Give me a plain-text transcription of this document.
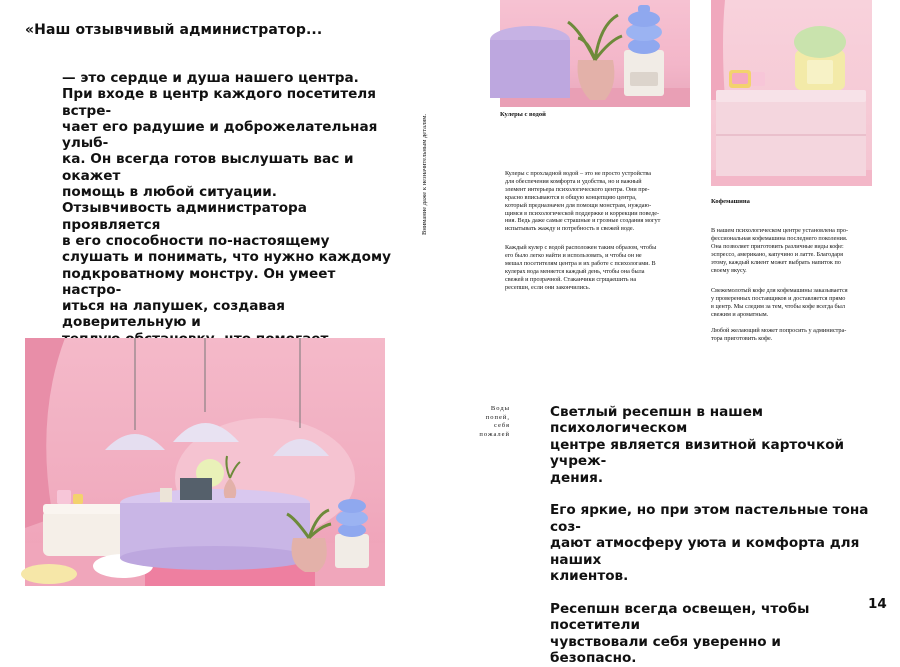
«Наш отзывчивый администратор...
— это сердце и душа нашего центра.
При входе в центр каждого посетителя встре-
чает его радушие и доброжелательная улыб-
ка. Он всегда готов выслушать вас и окажет
помощь в любой ситуации.
Отзывчивость администратора проявляется
в его способности по-настоящему
слушать и понимать, что нужно каждому
подкроватному монстру. Он умеет настро-
иться на лапушек, создавая доверительную и

Внимание даже к незначительным деталям.	Кулеры с водой
Кофемашина
Кулеры с прохладной водой – это не просто устройства
для обеспечения комфорта и удобства, но и важный
элемент интерьера психологического центра. Они пре-
красно вписываются в общую концепцию центра,
который предназначен для помощи монстрам, нуждаю-
щимся в психологической поддержке и коррекции поведе-
ния. Ведь даже самые страшные и грозные создания могут
испытывать жажду и потребность в свежей воде.
Каждый кулер с водой расположен таким образом, чтобы
его было легко найти и использовать, и чтобы он не
мешал посетителям центра и их работе с психологами. В
кулерах вода меняется каждый день, чтобы она была
свежей и прозрачной. Стаканчики сгрщаешить на
ресепшн, если они закончились.
В нашем психологическом центре установлена про-
фессиональная кофемашина последнего поколения.
Она позволяет приготовить различные виды кофе:
эспрессо, американо, капучино и латте. Благодаря
этому, каждый клиент может выбрать напиток по
своему вкусу.
Свежемолотый кофе для кофемашины заказывается
у проверенных поставщиков и доставляется прямо
в центр. Мы следим за тем, чтобы кофе всегда был
свежим и ароматным.
Любой желающий может попросить у администра-
тора приготовить кофе.
Воды
попей,
себя
пожалей
Светлый ресепшн в нашем психологическом
центре является визитной карточкой учреж-
дения.

Его яркие, но при этом пастельные тона соз-
дают атмосферу уюта и комфорта для наших
клиентов.

Ресепшн всегда освещен, чтобы посетители
чувствовали себя уверенно и безопасно.
14
